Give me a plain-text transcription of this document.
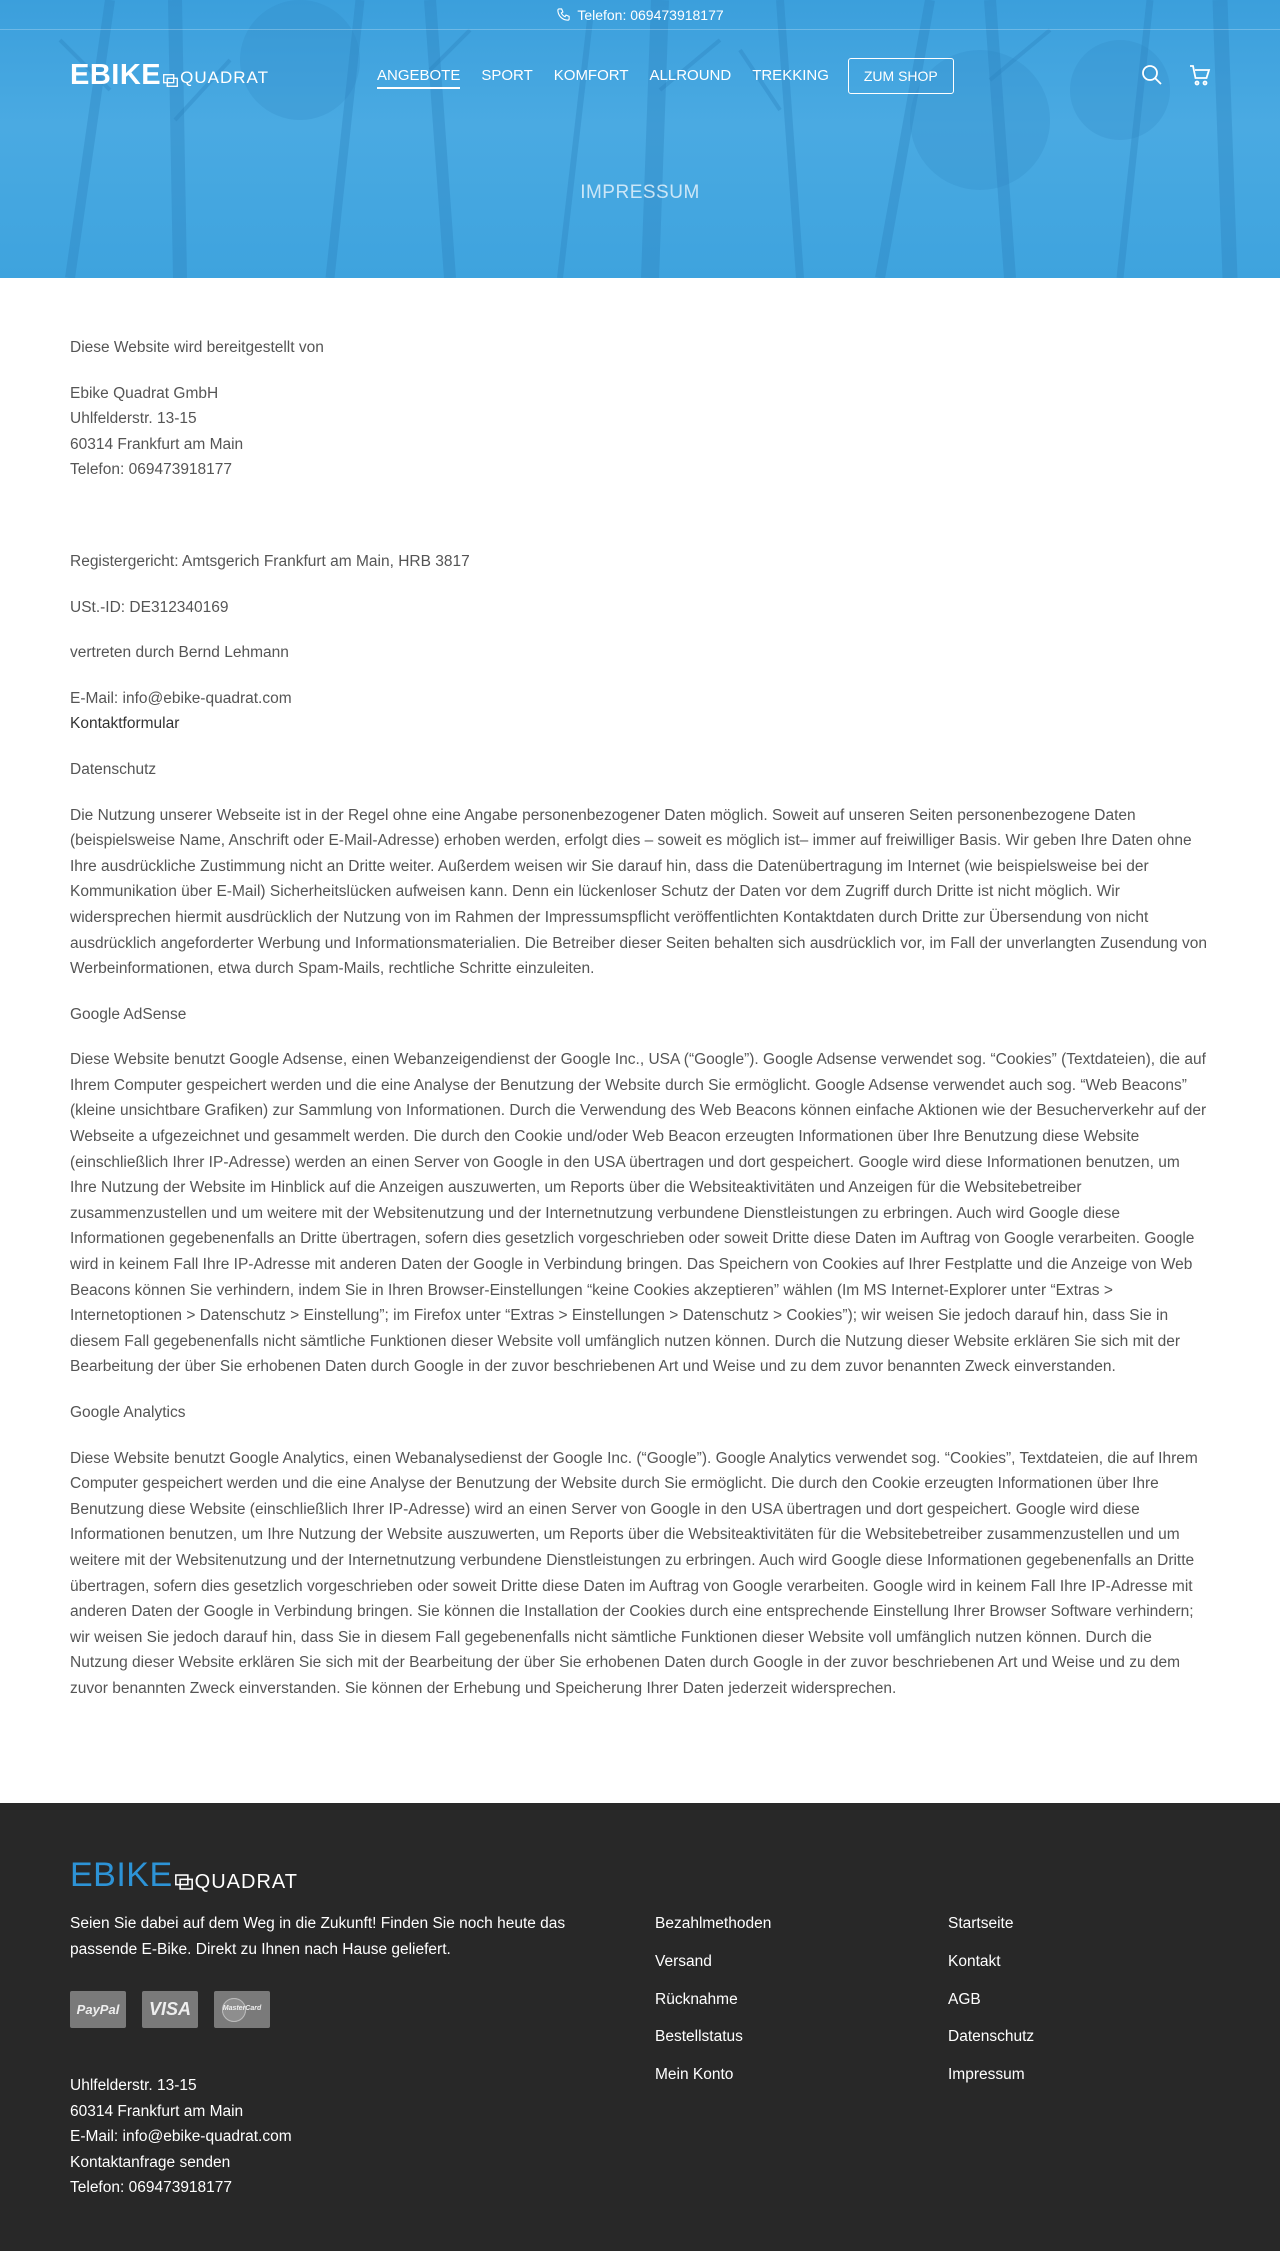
Telefon: 069473918177
EBIKE QUADRAT	ANGEBOTE SPORT KOMFORT ALLROUND TREKKING	ZUM SHOP
IMPRESSUM

Diese Website wird bereitgestellt von

Ebike Quadrat GmbH
Uhlfelderstr. 13-15
60314 Frankfurt am Main
Telefon: 069473918177

Registergericht: Amtsgerich Frankfurt am Main, HRB 3817

USt.-ID: DE312340169

vertreten durch Bernd Lehmann

E-Mail: info@ebike-quadrat.com

Kontaktformular
Datenschutz

Die Nutzung unserer Webseite ist in der Regel ohne eine Angabe personenbezogener Daten möglich. Soweit auf unseren Seiten personenbezogene Daten (beispielsweise Name, Anschrift oder E-Mail-Adresse) erhoben werden, erfolgt dies – soweit es möglich ist– immer auf freiwilliger Basis. Wir geben Ihre Daten ohne Ihre ausdrückliche Zustimmung nicht an Dritte weiter. Außerdem weisen wir Sie darauf hin, dass die Datenübertragung im Internet (wie beispielsweise bei der Kommunikation über E-Mail) Sicherheitslücken aufweisen kann. Denn ein lückenloser Schutz der Daten vor dem Zugriff durch Dritte ist nicht möglich. Wir widersprechen hiermit ausdrücklich der Nutzung von im Rahmen der Impressumspflicht veröffentlichten Kontaktdaten durch Dritte zur Übersendung von nicht ausdrücklich angeforderter Werbung und Informationsmaterialien. Die Betreiber dieser Seiten behalten sich ausdrücklich vor, im Fall der unverlangten Zusendung von Werbeinformationen, etwa durch Spam-Mails, rechtliche Schritte einzuleiten.

Google AdSense

Diese Website benutzt Google Adsense, einen Webanzeigendienst der Google Inc., USA (“Google”). Google Adsense verwendet sog. “Cookies” (Textdateien), die auf Ihrem Computer gespeichert werden und die eine Analyse der Benutzung der Website durch Sie ermöglicht. Google Adsense verwendet auch sog. “Web Beacons” (kleine unsichtbare Grafiken) zur Sammlung von Informationen. Durch die Verwendung des Web Beacons können einfache Aktionen wie der Besucherverkehr auf der Webseite a ufgezeichnet und gesammelt werden. Die durch den Cookie und/oder Web Beacon erzeugten Informationen über Ihre Benutzung diese Website (einschließlich Ihrer IP-Adresse) werden an einen Server von Google in den USA übertragen und dort gespeichert. Google wird diese Informationen benutzen, um Ihre Nutzung der Website im Hinblick auf die Anzeigen auszuwerten, um Reports über die Websiteaktivitäten und Anzeigen für die Websitebetreiber zusammenzustellen und um weitere mit der Websitenutzung und der Internetnutzung verbundene Dienstleistungen zu erbringen. Auch wird Google diese Informationen gegebenenfalls an Dritte übertragen, sofern dies gesetzlich vorgeschrieben oder soweit Dritte diese Daten im Auftrag von Google verarbeiten. Google wird in keinem Fall Ihre IP-Adresse mit anderen Daten der Google in Verbindung bringen. Das Speichern von Cookies auf Ihrer Festplatte und die Anzeige von Web Beacons können Sie verhindern, indem Sie in Ihren Browser-Einstellungen “keine Cookies akzeptieren” wählen (Im MS Internet-Explorer unter “Extras > Internetoptionen > Datenschutz > Einstellung”; im Firefox unter “Extras > Einstellungen > Datenschutz > Cookies”); wir weisen Sie jedoch darauf hin, dass Sie in diesem Fall gegebenenfalls nicht sämtliche Funktionen dieser Website voll umfänglich nutzen können. Durch die Nutzung dieser Website erklären Sie sich mit der Bearbeitung der über Sie erhobenen Daten durch Google in der zuvor beschriebenen Art und Weise und zu dem zuvor benannten Zweck einverstanden.

Google Analytics

Diese Website benutzt Google Analytics, einen Webanalysedienst der Google Inc. (“Google”). Google Analytics verwendet sog. “Cookies”, Textdateien, die auf Ihrem Computer gespeichert werden und die eine Analyse der Benutzung der Website durch Sie ermöglicht. Die durch den Cookie erzeugten Informationen über Ihre Benutzung diese Website (einschließlich Ihrer IP-Adresse) wird an einen Server von Google in den USA übertragen und dort gespeichert. Google wird diese Informationen benutzen, um Ihre Nutzung der Website auszuwerten, um Reports über die Websiteaktivitäten für die Websitebetreiber zusammenzustellen und um weitere mit der Websitenutzung und der Internetnutzung verbundene Dienstleistungen zu erbringen. Auch wird Google diese Informationen gegebenenfalls an Dritte übertragen, sofern dies gesetzlich vorgeschrieben oder soweit Dritte diese Daten im Auftrag von Google verarbeiten. Google wird in keinem Fall Ihre IP-Adresse mit anderen Daten der Google in Verbindung bringen. Sie können die Installation der Cookies durch eine entsprechende Einstellung Ihrer Browser Software verhindern; wir weisen Sie jedoch darauf hin, dass Sie in diesem Fall gegebenenfalls nicht sämtliche Funktionen dieser Website voll umfänglich nutzen können. Durch die Nutzung dieser Website erklären Sie sich mit der Bearbeitung der über Sie erhobenen Daten durch Google in der zuvor beschriebenen Art und Weise und zu dem zuvor benannten Zweck einverstanden. Sie können der Erhebung und Speicherung Ihrer Daten jederzeit widersprechen.

EBIKE QUADRAT
Seien Sie dabei auf dem Weg in die Zukunft! Finden Sie noch heute das passende E-Bike. Direkt zu Ihnen nach Hause geliefert.
PayPal	VISA	MasterCard
Uhlfelderstr. 13-15
60314 Frankfurt am Main
E-Mail: info@ebike-quadrat.com
Kontaktanfrage senden
Telefon: 069473918177
Bezahlmethoden
Versand
Rücknahme
Bestellstatus
Mein Konto
Startseite
Kontakt
AGB
Datenschutz
Impressum
